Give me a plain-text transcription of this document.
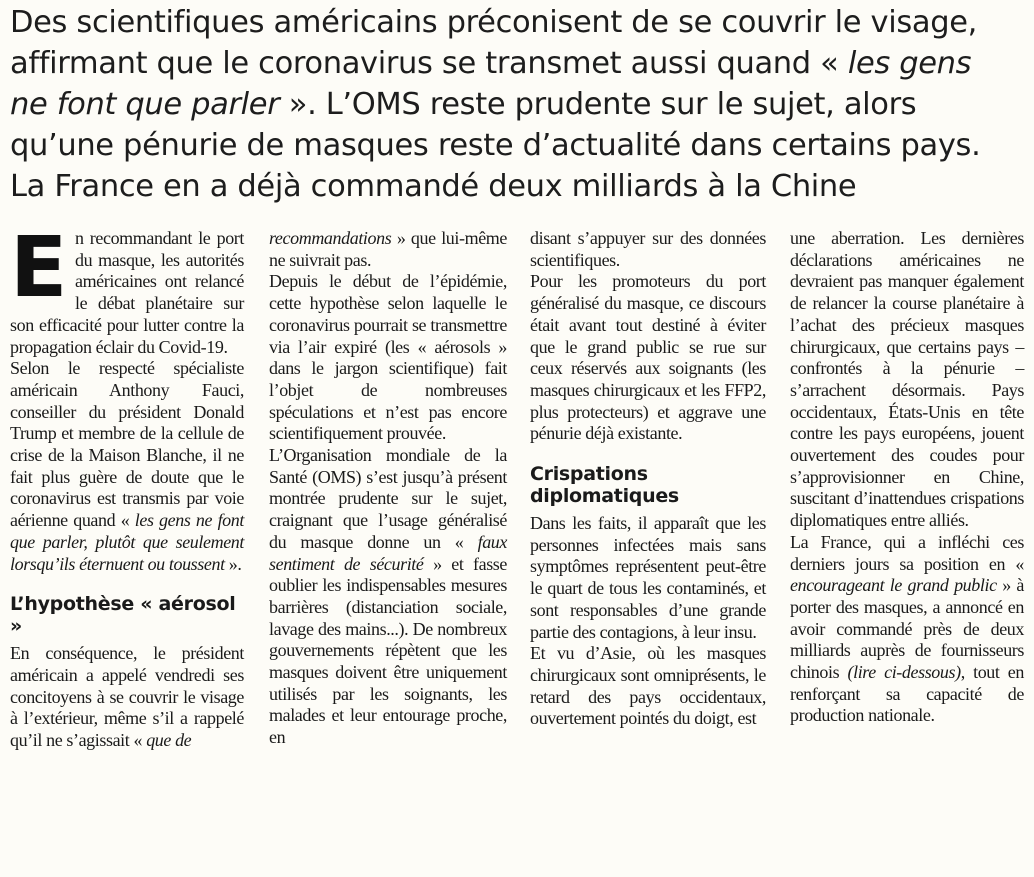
Des scientifiques américains préconisent de se couvrir le visage,

affirmant que le coronavirus se transmet aussi quand « les gens

ne font que parler ». L’OMS reste prudente sur le sujet, alors

qu’une pénurie de masques reste d’actualité dans certains pays.

La France en a déjà commandé deux milliards à la Chine

En recommandant le port du masque, les autorités américaines ont relancé le débat planétaire sur son efficacité pour lutter contre la propagation éclair du Covid-19.

Selon le respecté spécialiste américain Anthony Fauci, conseiller du président Donald Trump et membre de la cellule de crise de la Maison Blanche, il ne fait plus guère de doute que le coronavirus est transmis par voie aérienne quand « les gens ne font que parler, plutôt que seulement lorsqu’ils éternuent ou toussent ».

L’hypothèse « aérosol »

En conséquence, le président américain a appelé vendredi ses concitoyens à se couvrir le visage à l’extérieur, même s’il a rappelé qu’il ne s’agissait « que de

recommandations » que lui-même ne suivrait pas.

Depuis le début de l’épidémie, cette hypothèse selon laquelle le coronavirus pourrait se transmettre via l’air expiré (les « aérosols » dans le jargon scientifique) fait l’objet de nombreuses spéculations et n’est pas encore scientifiquement prouvée.

L’Organisation mondiale de la Santé (OMS) s’est jusqu’à présent montrée prudente sur le sujet, craignant que l’usage généralisé du masque donne un « faux sentiment de sécurité » et fasse oublier les indispensables mesures barrières (distanciation sociale, lavage des mains...). De nombreux gouvernements répètent que les masques doivent être uniquement utilisés par les soignants, les malades et leur entourage proche, en

disant s’appuyer sur des données scientifiques.

Pour les promoteurs du port généralisé du masque, ce discours était avant tout destiné à éviter que le grand public se rue sur ceux réservés aux soignants (les masques chirurgicaux et les FFP2, plus protecteurs) et aggrave une pénurie déjà existante.

Crispations diplomatiques

Dans les faits, il apparaît que les personnes infectées mais sans symptômes représentent peut-être le quart de tous les contaminés, et sont responsables d’une grande partie des contagions, à leur insu.

Et vu d’Asie, où les masques chirurgicaux sont omniprésents, le retard des pays occidentaux, ouvertement pointés du doigt, est

une aberration. Les dernières déclarations américaines ne devraient pas manquer également de relancer la course planétaire à l’achat des précieux masques chirurgicaux, que certains pays – confrontés à la pénurie – s’arrachent désormais. Pays occidentaux, États-Unis en tête contre les pays européens, jouent ouvertement des coudes pour s’approvisionner en Chine, suscitant d’inattendues crispations diplomatiques entre alliés.

La France, qui a infléchi ces derniers jours sa position en « encourageant le grand public » à porter des masques, a annoncé en avoir commandé près de deux milliards auprès de fournisseurs chinois (lire ci-dessous), tout en renforçant sa capacité de production nationale.
